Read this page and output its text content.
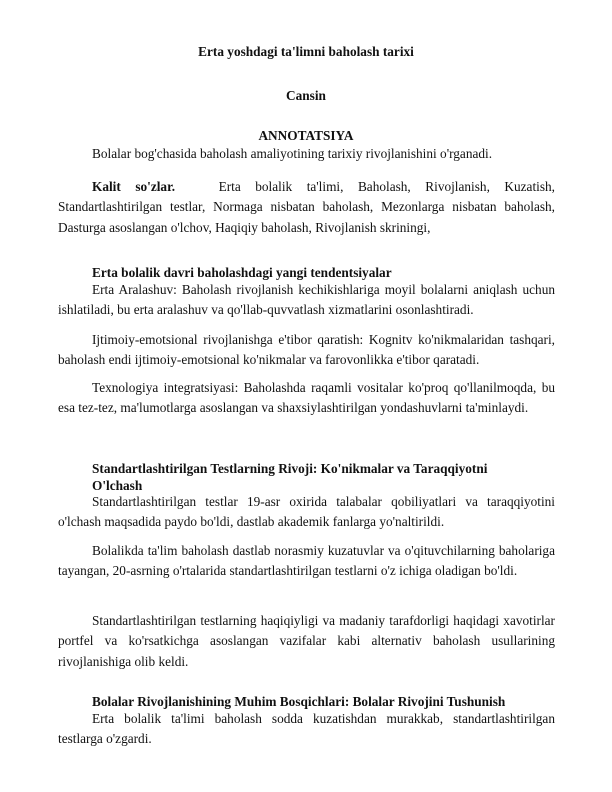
Erta yoshdagi ta'limni baholash tarixi
Cansin
ANNOTATSIYA

Bolalar bog'chasida baholash amaliyotining tarixiy rivojlanishini o'rganadi.

Kalit so'zlar.	Erta bolalik ta'limi, Baholash, Rivojlanish, Kuzatish, Standartlashtirilgan testlar, Normaga nisbatan baholash, Mezonlarga nisbatan baholash, Dasturga asoslangan o'lchov, Haqiqiy baholash, Rivojlanish skriningi,

Erta bolalik davri baholashdagi yangi tendentsiyalar

Erta Aralashuv: Baholash rivojlanish kechikishlariga moyil bolalarni aniqlash uchun ishlatiladi, bu erta aralashuv va qo'llab-quvvatlash xizmatlarini osonlashtiradi.

Ijtimoiy-emotsional rivojlanishga e'tibor qaratish: Kognitv ko'nikmalaridan tashqari, baholash endi ijtimoiy-emotsional ko'nikmalar va farovonlikka e'tibor qaratadi.

Texnologiya integratsiyasi: Baholashda raqamli vositalar ko'proq qo'llanilmoqda, bu esa tez-tez, ma'lumotlarga asoslangan va shaxsiylashtirilgan yondashuvlarni ta'minlaydi.

Standartlashtirilgan Testlarning Rivoji: Ko'nikmalar va Taraqqiyotni O'lchash

Standartlashtirilgan testlar 19-asr oxirida talabalar qobiliyatlari va taraqqiyotini o'lchash maqsadida paydo bo'ldi, dastlab akademik fanlarga yo'naltirildi.

Bolalikda ta'lim baholash dastlab norasmiy kuzatuvlar va o'qituvchilarning baholariga tayangan, 20-asrning o'rtalarida standartlashtirilgan testlarni o'z ichiga oladigan bo'ldi.

Standartlashtirilgan testlarning haqiqiyligi va madaniy tarafdorligi haqidagi xavotirlar portfel va ko'rsatkichga asoslangan vazifalar kabi alternativ baholash usullarining rivojlanishiga olib keldi.

Bolalar Rivojlanishining Muhim Bosqichlari: Bolalar Rivojini Tushunish

Erta bolalik ta'limi baholash sodda kuzatishdan murakkab, standartlashtirilgan testlarga o'zgardi.
